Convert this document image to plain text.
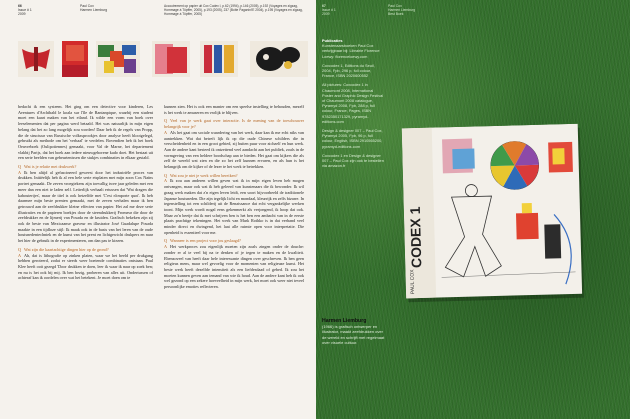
66
Issue # 1
2009
Paul Cox
Harmen Liemburg
Accoutrement op papier uit Cox Codex I, p.62 (1994), p.146 (2005), p.192 (Voyages en zigzag, Hommage à Töpffer, 2005), p.193 (2005), 237 (Boîte Paganini'E 2004), p.195 (Voyages en zigzag, Hommage à Töpffer, 2005)

bedacht ik een systeem. Het ging om een detective voor kinderen, Les Aventures d'Archibald le koala sur l'île de Rantanpique, waarbij een student moet een kaart maken van het eiland. Ik wilde een vorm van boek over leeselementen dat per pagina werd betaald. Het was natuurlijk in mijn eigen belang dat het zo lang mogelijk zou worden! Daar heb ik de regels van Propp, die de structuur van Russische volkssprookjes door analyse heeft blootgelegd, gebruikt als methode om het 'verhaal' te verdelen. Bovendien heb ik het boek Oeuvreboek (Oulipotiennes) gemaakt, voor Val de Marne, het departement vlakbij Parijs, dat het boek aan iedere nieuwgeborene kado doet. Het bestaat uit een serie beelden van gebeurtenissen die stukjes combinaties in elkaar gestald.

Q Wat is je relatie met drukwerk?

A Ik ben altijd al gefascineerd geweest door het industriële proces van drukken. Initiëelijk heb ik al een hele serie etsplaten met mijn zoon Cox Naïns portret gemaakt. De zeven vroegtekens zijn toevallig twee jaar geleden met een meer dan een niet te laden zelf. Letterlijk verhaalt ertussen dat 'Wat dragen die kaboutertjes', maar de titel is ook hetzelfde met 'C'est n'importe quoi'. Ik heb daarmee mijn beste prenten gemaakt, met de zeven verhalen maar ik ben getrouwd aan de zeefdrukker kleine effecten van papier. Het zal me deze serie illustraties en de papieren boekjes door de steendrukkerij Fromeur die door de zeefdrukker en de lijmerij van Posada en de kruiden. Grafisch bekeken zijn zij ook de beste van Mexicaanse graveur en illustrator José Guadalupe Posada maakte in een tijdloze stijl: Ik maak ook in de basis van het leren van de oude houtsnedentechniek en de kunst van het prent en lichtgewicht drukpers en naar het hier de gebruik in de experimenteren, om dan pas te kiezen.

Q Wat zijn die kaartachtige dingen hier op de grond?

A Ah, dat is lithografie op zinken platen, waar we het beeld per drukgang hebben geroteerd, zodat er steeds weer boeiende combinaties ontstaan. Paul Klee heeft ooit gezegd 'Door drukken te doen, leer ik waar ik naar op zoek ben; en nu is het ook bij mij. Ik ben bezig, proberen van alles uit. Ondertussen of achteraf kan ik oordelen over wat het betekent. Je moet doen om te

kunnen zien. Het is ook een manier om een speelse instelling te behouden, mezelf is het werk te amuseren en vrolijk te blijven.

Q Veel van je werk gaat over interactie. Is de mening van de toeschouwer belangrijk voor je?

A Als het gaat om sociale waardering van het werk, daar kan ik me echt niks van aantrekken. Wat dat betreft lijk ik op die oude Chinese schilders die in verscheidenheid en in een groot gebied, zij buiten puur voor zichzelf en hun werk. Aan de andere kant besteed ik ontzettend veel aandacht aan het publiek, zoals in de vormgeving van een heldere boodschap aan te bieden. Het gaat om kijkers die als zelf de wereld wat zien en die zo het zelf kunnen ervaren, en als hun is het belangrijk om de kijker of de lezer te het werk te betrekken.

Q Wat zou je niet je werk willen bereiken?

A Ik zou aan anderen willen geven wat ik in mijn eigen leven heb mogen ontvangen, maar ook wat ik heb geleerd van kunstenaars die ik bewonder. Ik wil graag werk maken dat z'n eigen leven leidt, een soort bijvoorbeeld de traditionele Japanse houtsneden. Die zijn tegelijk licht en mondaal, kleurrijk en zelfs bizarre. In tegenstelling tot een schilderij uit de Renaissance dat echt vergankelijke werken toont. Mijn werk wordt nogal eens gekenmerkt als verjongend, ik hoop dat ook. Maar zo'n beetje dat ik met schrijven ben is het ben een ambacht van in de eerste plaats prachtige tekeningen. Het werk van Mark Rothko is in dat verband veel minder direct en dwingend, het laat alle ruimte open voor interpretatie. Die openheid is essentieel voor me.

Q Wanneer is een project voor jou geslaagd?

A Het werkproces zou eigenlijk moeten zijn zoals zingen onder de douche: zonder er al te veel bij na te denken of je tegen te maken en de kwaliteit. Ebenzoveel van heeft daar hele interessante dingen over geschreven. Ik ben geen religieus mens, maar wel gevoelig voor de momenten van religieuze kunst. Het beste werk heeft dezelfde intensiteit als een liefdesdaad of gebed. Ik zou het moeten kunnen geven aan iemand van wie ik houd. Aan de andere kant heb ik ook wel gezond op een zekere hoeveelheid in mijn werk, het moet ook weer niet teveel persoonlijke emoties reflecteren.

67
Issue # 1
2009
Paul Cox
Harmen Liemburg
Best Boek
Publicaties
Kunstenaarsboeken Paul Cox verkrijgbaar bij: Librairie Florence Loewy: florenceloewy.com
Coxcodex 1, Editions du Seuil, 2004, Fpb, 296 p, full colour, France, ISBN 2020600552
All pictures: Coxcodex 1 in Chaumont 2008, International Poster and Graphic Design Festival of Chaumont 2008 catalogue, Pyramyd 2008, Fpb, 288 p, full colour, France, Pages, ISBN 9782350171329, pyramyd-editions.com
Design & designer 007 – Paul Cox, Pyramyd 2005, Fpb, 96 p, full colour, English, ISBN 2910565200, pyramyd-editions.com
Coxcodex 1 en Design & designer 007 – Paul Cox zijn ook te bestellen via amazon.fr
CODEX 1
PAUL COX
Harmen Liemburg
(1966) is grafisch ontwerper en illustrator, maakt zeefdrukken over de wereld en schrijft met regelmaat over visuele cultuur.
